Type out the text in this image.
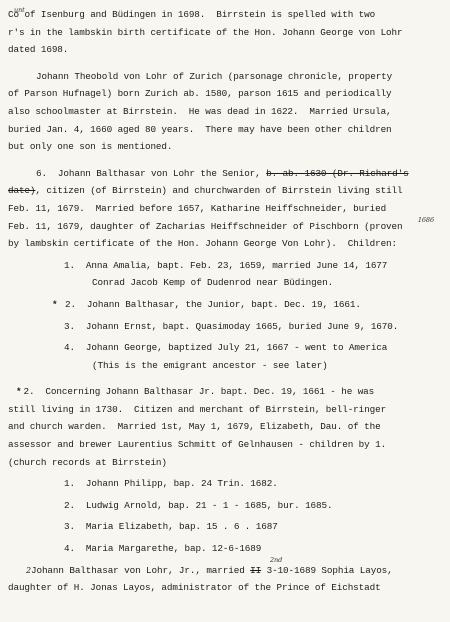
Co
unt of Isenburg and Büdingen in 1698.  Birrstein is spelled with two
r's in the lambskin birth certificate of the Hon. Johann George von Lohr
dated 1698.
Johann Theobold von Lohr of Zurich (parsonage chronicle, property
of Parson Hufnagel) born Zurich ab. 1580, parson 1615 and periodically
also schoolmaster at Birrstein.  He was dead in 1622.  Married Ursula,
buried Jan. 4, 1660 aged 80 years.  There may have been other children
but only one son is mentioned.
6.  Johann Balthasar von Lohr the Senior, b. ab. 1630 (Dr. Richard's
date), citizen (of Birrstein) and churchwarden of Birrstein living still
Feb. 11, 1679.  Married before 1657, Katharine Heiffschneider, buried
Feb. 11, 1679, daughter of Zacharias Heiffschneider of Pischborn (proven
1686
by lambskin certificate of the Hon. Johann George Von Lohr).  Children:
1.  Anna Amalia, bapt. Feb. 23, 1659, married June 14, 1677
Conrad Jacob Kemp of Dudenrod near Büdingen.
* 2.  Johann Balthasar, the Junior, bapt. Dec. 19, 1661.
3.  Johann Ernst, bapt. Quasimoday 1665, buried June 9, 1670.
4.  Johann George, baptized July 21, 1667 - went to America
(This is the emigrant ancestor - see later)
* 2.  Concerning Johann Balthasar Jr. bapt. Dec. 19, 1661 - he was
still living in 1730.  Citizen and merchant of Birrstein, bell-ringer
and church warden.  Married 1st, May 1, 1679, Elizabeth, Dau. of the
assessor and brewer Laurentius Schmitt of Gelnhausen - children by 1.
(church records at Birrstein)
1.  Johann Philipp, bap. 24 Trin. 1682.
2.  Ludwig Arnold, bap. 21 - 1 - 1685, bur. 1685.
3.  Maria Elizabeth, bap. 15 . 6 . 1687
4.  Maria Margarethe, bap. 12-6-1689
2Johann Balthasar von Lohr, Jr., married II 3-10-1689 Sophia Layos,
2nd
daughter of H. Jonas Layos, administrator of the Prince of Eichstadt
